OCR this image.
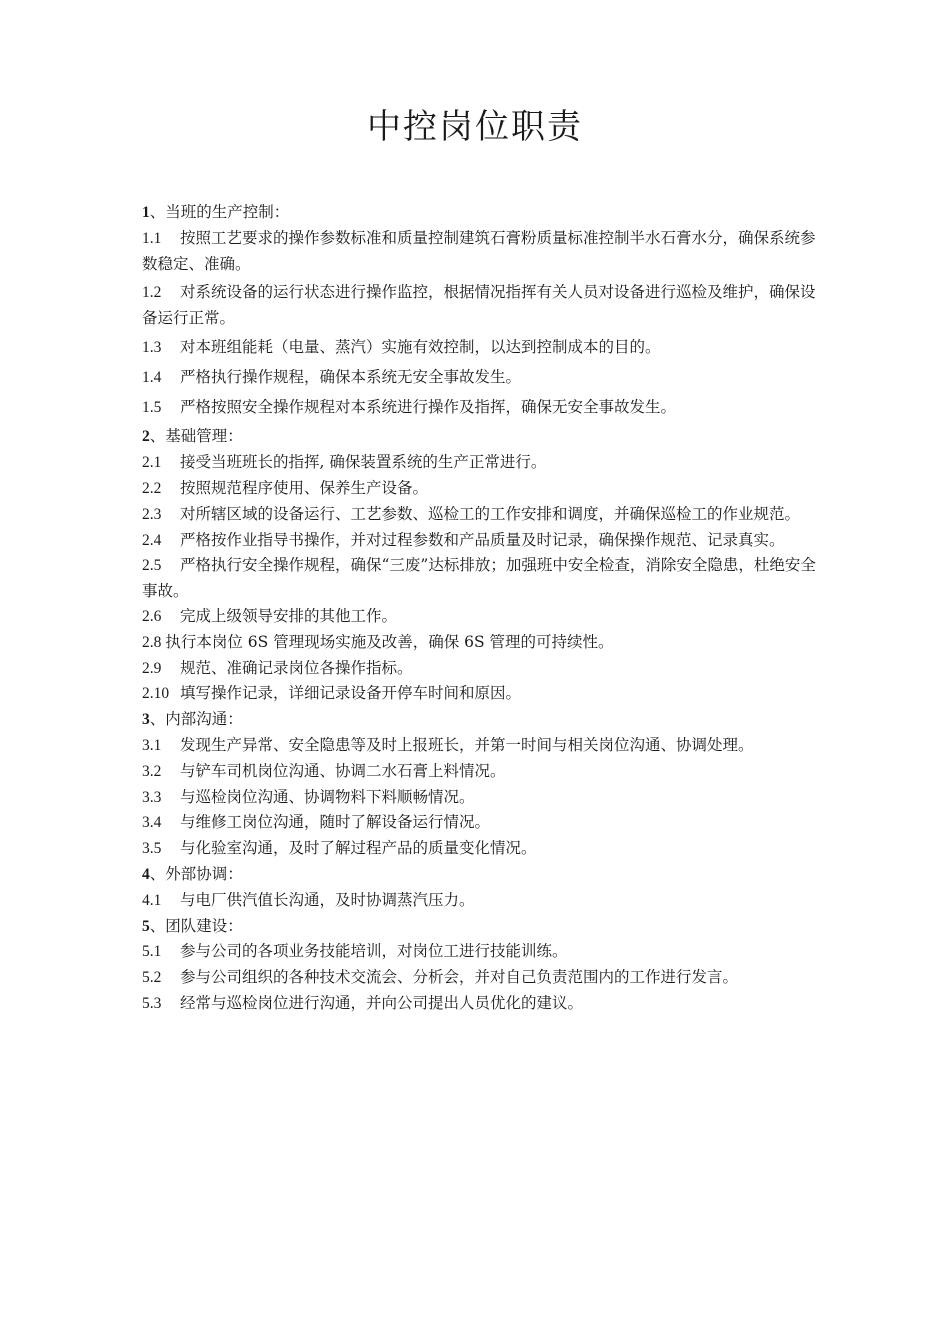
中控岗位职责
1、当班的生产控制：
1.1 按照工艺要求的操作参数标准和质量控制建筑石膏粉质量标准控制半水石膏水分，确保系统参数稳定、准确。
1.2 对系统设备的运行状态进行操作监控，根据情况指挥有关人员对设备进行巡检及维护，确保设备运行正常。
1.3 对本班组能耗（电量、蒸汽）实施有效控制，以达到控制成本的目的。
1.4 严格执行操作规程，确保本系统无安全事故发生。
1.5 严格按照安全操作规程对本系统进行操作及指挥，确保无安全事故发生。
2、基础管理：
2.1 接受当班班长的指挥, 确保装置系统的生产正常进行。
2.2 按照规范程序使用、保养生产设备。
2.3 对所辖区域的设备运行、工艺参数、巡检工的工作安排和调度，并确保巡检工的作业规范。
2.4 严格按作业指导书操作，并对过程参数和产品质量及时记录，确保操作规范、记录真实。
2.5 严格执行安全操作规程，确保“三废”达标排放；加强班中安全检查，消除安全隐患，杜绝安全事故。
2.6 完成上级领导安排的其他工作。
2.8 执行本岗位 6S 管理现场实施及改善，确保 6S 管理的可持续性。
2.9 规范、准确记录岗位各操作指标。
2.10 填写操作记录，详细记录设备开停车时间和原因。
3、内部沟通：
3.1 发现生产异常、安全隐患等及时上报班长，并第一时间与相关岗位沟通、协调处理。
3.2 与铲车司机岗位沟通、协调二水石膏上料情况。
3.3 与巡检岗位沟通、协调物料下料顺畅情况。
3.4 与维修工岗位沟通，随时了解设备运行情况。
3.5 与化验室沟通，及时了解过程产品的质量变化情况。
4、外部协调：
4.1 与电厂供汽值长沟通，及时协调蒸汽压力。
5、团队建设：
5.1 参与公司的各项业务技能培训，对岗位工进行技能训练。
5.2 参与公司组织的各种技术交流会、分析会，并对自己负责范围内的工作进行发言。
5.3 经常与巡检岗位进行沟通，并向公司提出人员优化的建议。
